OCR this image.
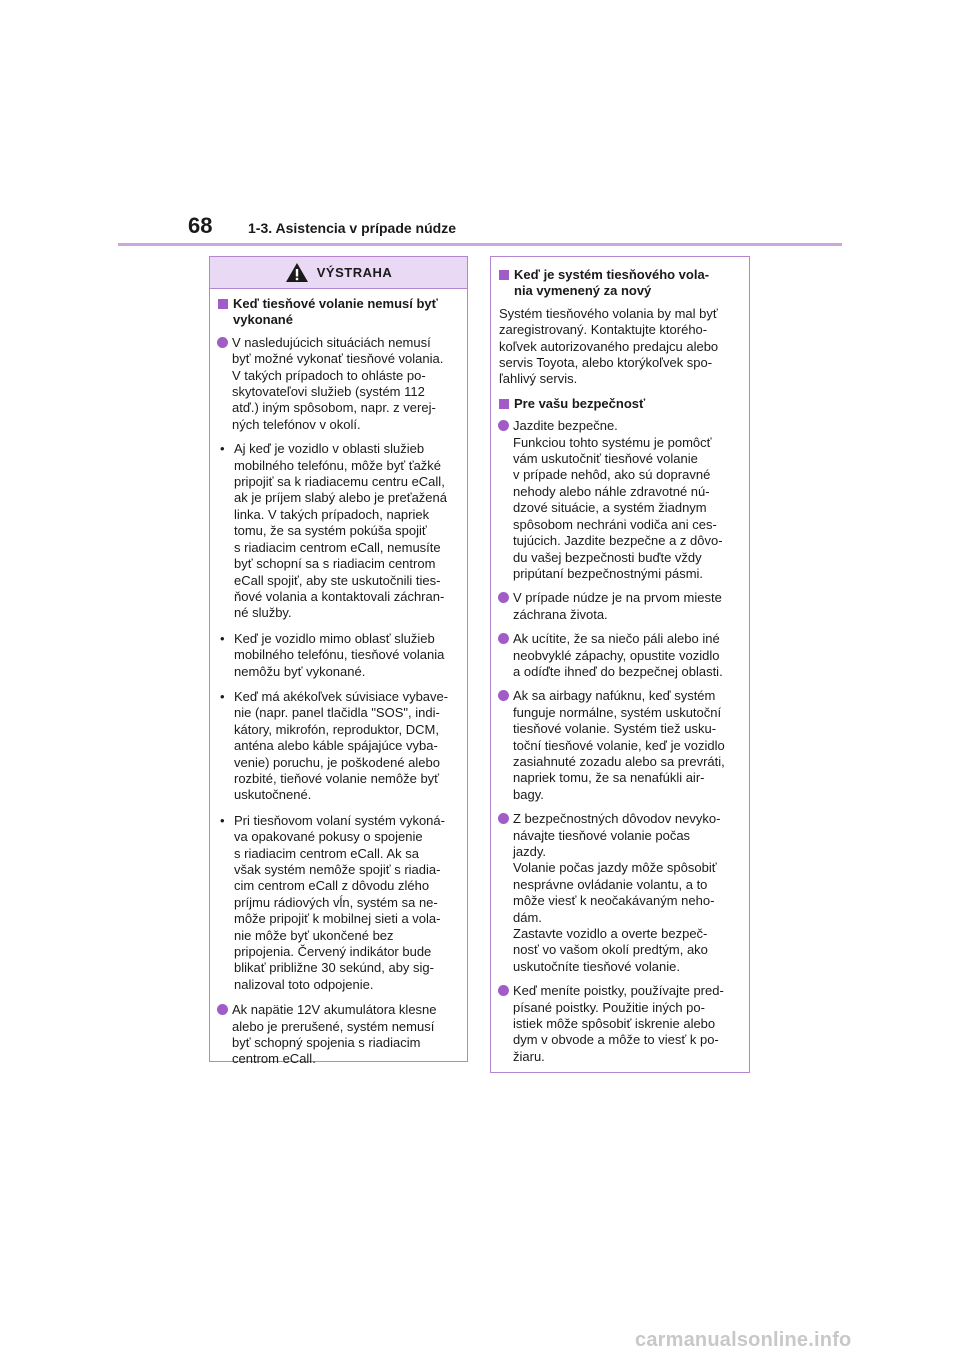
68	1-3. Asistencia v prípade núdze
VÝSTRAHA
Keď tiesňové volanie nemusí byť
vykonané
V nasledujúcich situáciách nemusí
byť možné vykonať tiesňové volania.
V takých prípadoch to ohláste po-
skytovateľovi služieb (systém 112
atď.) iným spôsobom, napr. z verej-
ných telefónov v okolí.
• Aj keď je vozidlo v oblasti služieb
mobilného telefónu, môže byť ťažké
pripojiť sa k riadiacemu centru eCall,
ak je príjem slabý alebo je preťažená
linka. V takých prípadoch, napriek
tomu, že sa systém pokúša spojiť
s riadiacim centrom eCall, nemusíte
byť schopní sa s riadiacim centrom
eCall spojiť, aby ste uskutočnili ties-
ňové volania a kontaktovali záchran-
né služby.
• Keď je vozidlo mimo oblasť služieb
mobilného telefónu, tiesňové volania
nemôžu byť vykonané.
• Keď má akékoľvek súvisiace vybave-
nie (napr. panel tlačidla "SOS", indi-
kátory, mikrofón, reproduktor, DCM,
anténa alebo káble spájajúce vyba-
venie) poruchu, je poškodené alebo
rozbité, tieňové volanie nemôže byť
uskutočnené.
• Pri tiesňovom volaní systém vykoná-
va opakované pokusy o spojenie
s riadiacim centrom eCall. Ak sa
však systém nemôže spojiť s riadia-
cim centrom eCall z dôvodu zlého
príjmu rádiových vĺn, systém sa ne-
môže pripojiť k mobilnej sieti a vola-
nie môže byť ukončené bez
pripojenia. Červený indikátor bude
blikať približne 30 sekúnd, aby sig-
nalizoval toto odpojenie.
Ak napätie 12V akumulátora klesne
alebo je prerušené, systém nemusí
byť schopný spojenia s riadiacim
centrom eCall.
Keď je systém tiesňového vola-
nia vymenený za nový
Systém tiesňového volania by mal byť
zaregistrovaný. Kontaktujte ktorého-
koľvek autorizovaného predajcu alebo
servis Toyota, alebo ktorýkoľvek spo-
ľahlivý servis.
Pre vašu bezpečnosť
Jazdite bezpečne.
Funkciou tohto systému je pomôcť
vám uskutočniť tiesňové volanie
v prípade nehôd, ako sú dopravné
nehody alebo náhle zdravotné nú-
dzové situácie, a systém žiadnym
spôsobom nechráni vodiča ani ces-
tujúcich. Jazdite bezpečne a z dôvo-
du vašej bezpečnosti buďte vždy
pripútaní bezpečnostnými pásmi.
V prípade núdze je na prvom mieste
záchrana života.
Ak ucítite, že sa niečo páli alebo iné
neobvyklé zápachy, opustite vozidlo
a odíďte ihneď do bezpečnej oblasti.
Ak sa airbagy nafúknu, keď systém
funguje normálne, systém uskutoční
tiesňové volanie. Systém tiež usku-
toční tiesňové volanie, keď je vozidlo
zasiahnuté zozadu alebo sa prevráti,
napriek tomu, že sa nenafúkli air-
bagy.
Z bezpečnostných dôvodov nevyko-
návajte tiesňové volanie počas
jazdy.
Volanie počas jazdy môže spôsobiť
nesprávne ovládanie volantu, a to
môže viesť k neočakávaným neho-
dám.
Zastavte vozidlo a overte bezpeč-
nosť vo vašom okolí predtým, ako
uskutočníte tiesňové volanie.
Keď meníte poistky, používajte pred-
písané poistky. Použitie iných po-
istiek môže spôsobiť iskrenie alebo
dym v obvode a môže to viesť k po-
žiaru.
carmanualsonline.info
